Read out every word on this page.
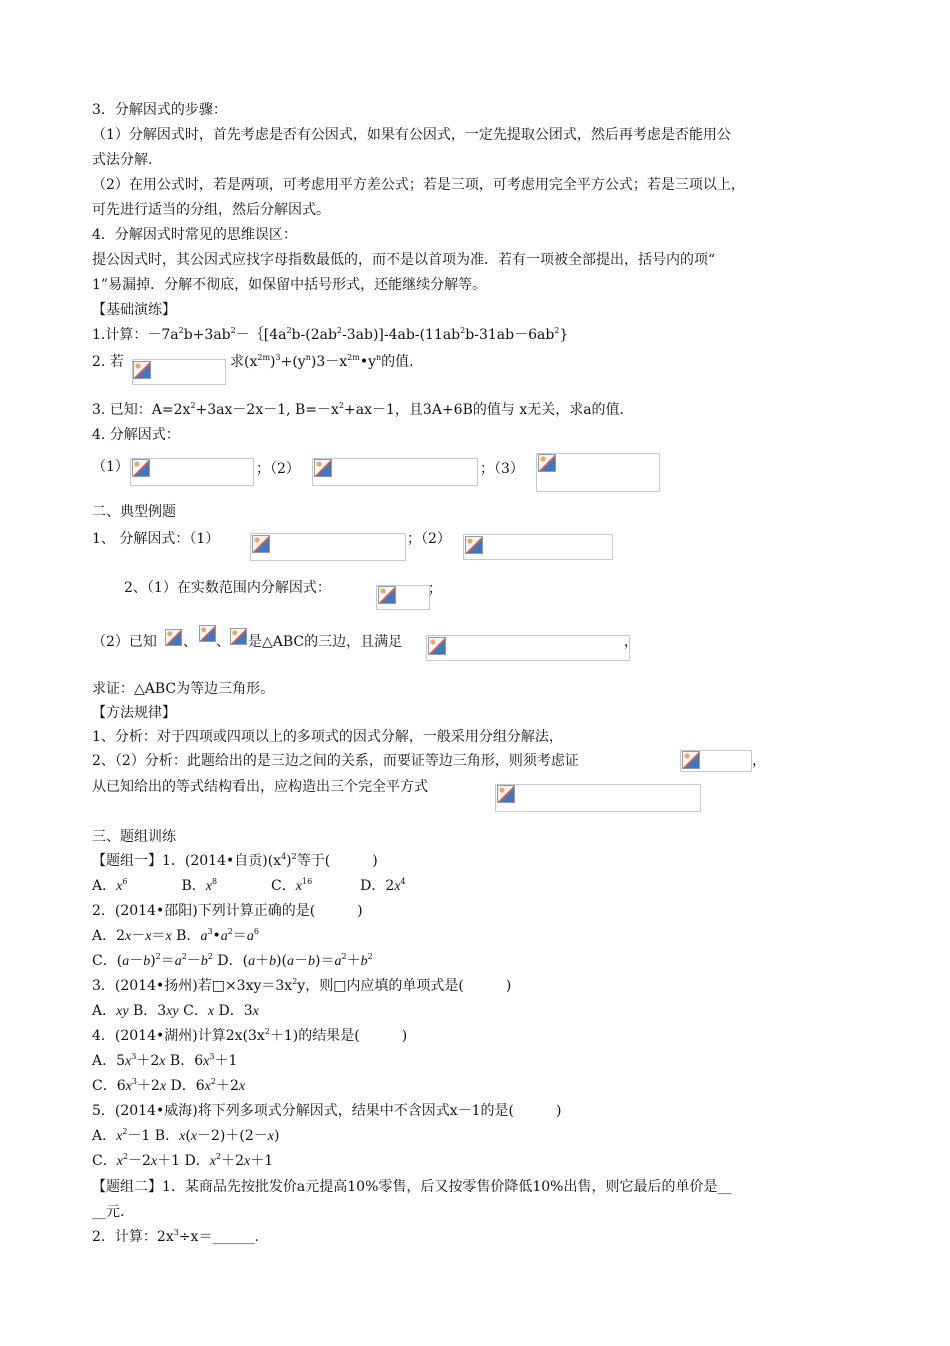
3．分解因式的步骤：
（1）分解因式时，首先考虑是否有公因式，如果有公因式，一定先提取公团式，然后再考虑是否能用公
式法分解．
（2）在用公式时，若是两项，可考虑用平方差公式；若是三项，可考虑用完全平方公式；若是三项以上，
可先进行适当的分组，然后分解因式。
4．分解因式时常见的思维误区：
提公因式时，其公因式应找字母指数最低的，而不是以首项为准．若有一项被全部提出，括号内的项“
1”易漏掉．分解不彻底，如保留中括号形式，还能继续分解等。
【基础演练】
1.计算：$-7a^2b+3ab^2-\{[4a^2b-(2ab^2-3ab)]-4ab-(11ab^2b-31ab-6ab^2\}$
2. 若	求$(x^{2m})^3+(y^n)3-x^{2m}•y^n$的值.
3. 已知：$A=2x^2+3ax-2x-1$, $B=-x^2+ax-1$，且3A+6B的值与 x无关，求a的值.
4. 分解因式：
（1）	；（2）	；（3）
二、典型例题
1、 分解因式：（1）	；（2）
2、（1）在实数范围内分解因式：	；
（2）已知 、 、 是△ABC的三边，且满足	，
求证：△ABC为等边三角形。
【方法规律】
1、分析：对于四项或四项以上的多项式的因式分解，一般采用分组分解法，
2、（2）分析：此题给出的是三边之间的关系，而要证等边三角形，则须考虑证	，
从已知给出的等式结构看出，应构造出三个完全平方式
三、题组训练
【题组一】1．(2014•自贡)$(x^4)^2$等于(　　　)
A．$x^6$	B．$x^8$	C．$x^{16}$	D．$2x^4$
2．(2014•邵阳)下列计算正确的是(　　　)
A．2x－x＝x B．$a^3•a^2=a^6$
C．$(a-b)^2=a^2-b^2$ D．$(a+b)(a-b)=a^2+b^2$
3．(2014•扬州)若$□\times 3xy=3x^2y$，则□内应填的单项式是(　　　)
A．xy B．3xy C．x D．3x
4．(2014•湖州)计算$2x(3x^2+1)$的结果是(　　　)
A．$5x^3+2x$ B．$6x^3+1$
C．$6x^3+2x$ D．$6x^2+2x$
5．(2014•威海)将下列多项式分解因式，结果中不含因式x－1的是(　　　)
A．$x^2-1$ B．x(x－2)＋(2－x)
C．$x^2-2x+1$ D．$x^2+2x+1$
【题组二】1．某商品先按批发价a元提高10%零售，后又按零售价降低10%出售，则它最后的单价是__
__元.
2．计算：$2x^3\div x=\_\_\_\_\_\_$.
